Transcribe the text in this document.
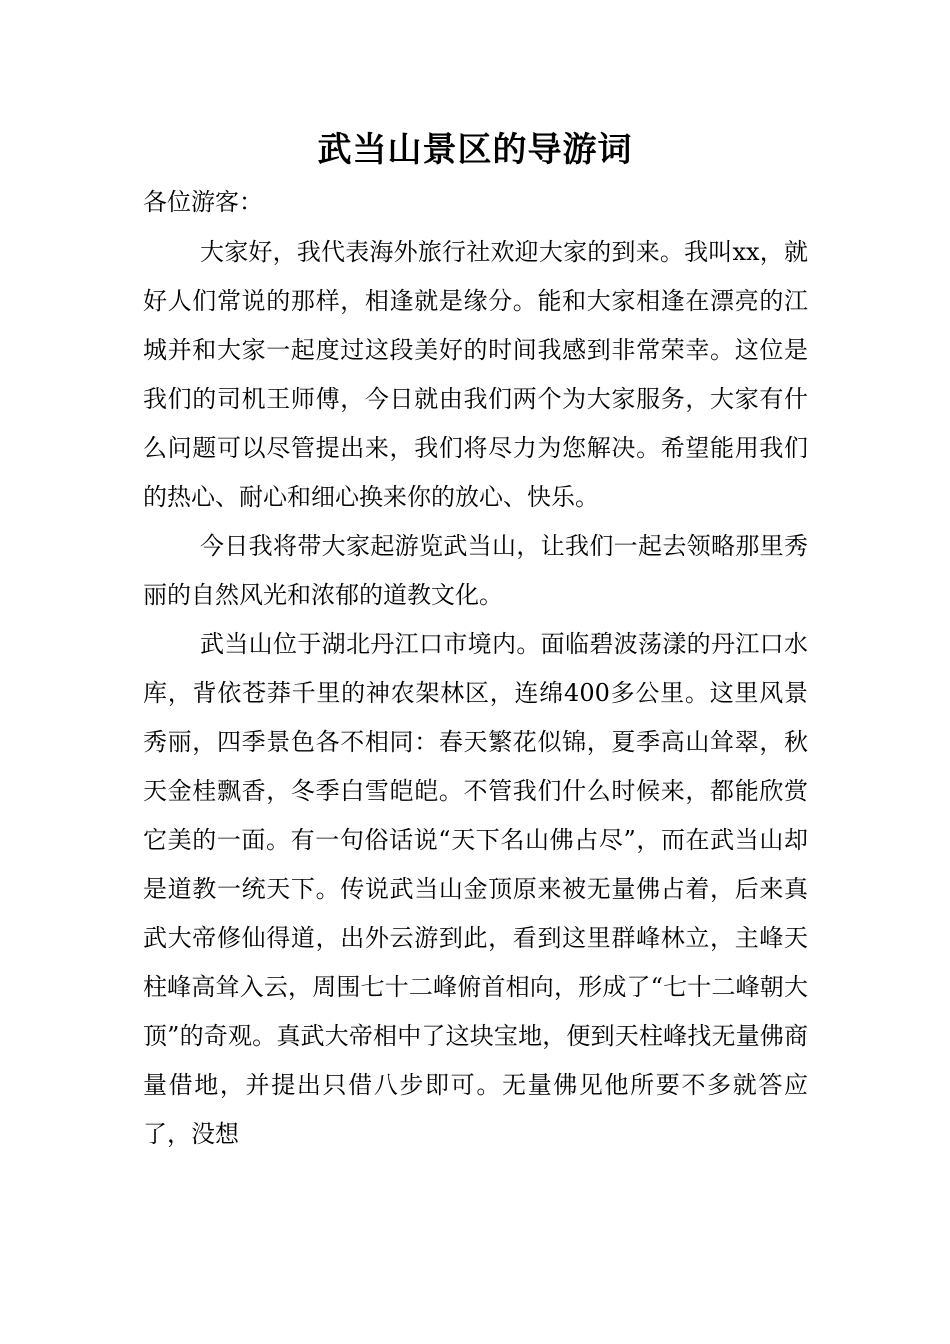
武当山景区的导游词

各位游客：

大家好，我代表海外旅行社欢迎大家的到来。我叫xx，就好人们常说的那样，相逢就是缘分。能和大家相逢在漂亮的江城并和大家一起度过这段美好的时间我感到非常荣幸。这位是我们的司机王师傅，今日就由我们两个为大家服务，大家有什么问题可以尽管提出来，我们将尽力为您解决。希望能用我们的热心、耐心和细心换来你的放心、快乐。

今日我将带大家起游览武当山，让我们一起去领略那里秀丽的自然风光和浓郁的道教文化。

武当山位于湖北丹江口市境内。面临碧波荡漾的丹江口水库，背依苍莽千里的神农架林区，连绵400多公里。这里风景秀丽，四季景色各不相同：春天繁花似锦，夏季高山耸翠，秋天金桂飘香，冬季白雪皑皑。不管我们什么时候来，都能欣赏它美的一面。有一句俗话说“天下名山佛占尽”，而在武当山却是道教一统天下。传说武当山金顶原来被无量佛占着，后来真武大帝修仙得道，出外云游到此，看到这里群峰林立，主峰天柱峰高耸入云，周围七十二峰俯首相向，形成了“七十二峰朝大顶”的奇观。真武大帝相中了这块宝地，便到天柱峰找无量佛商量借地，并提出只借八步即可。无量佛见他所要不多就答应了，没想
